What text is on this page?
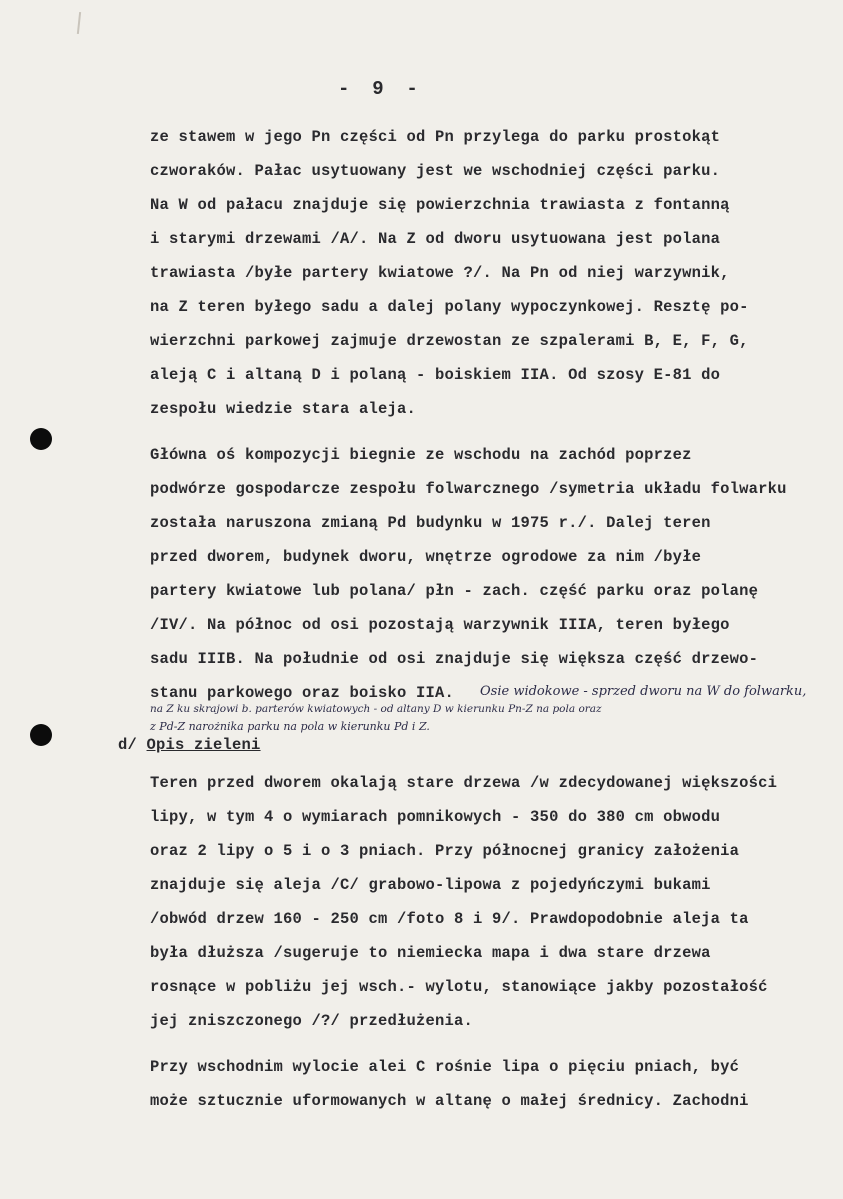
-  9  -
ze stawem w jego Pn części od Pn przylega do parku prostokąt
czworaków. Pałac usytuowany jest we wschodniej części parku.
Na W od pałacu znajduje się powierzchnia trawiasta z fontanną
i starymi drzewami /A/. Na Z od dworu usytuowana jest polana
trawiasta /byłe partery kwiatowe ?/. Na Pn od niej warzywnik,
na Z teren byłego sadu a dalej polany wypoczynkowej. Resztę po-
wierzchni parkowej zajmuje drzewostan ze szpalerami B, E, F, G,
aleją C i altaną D i polaną - boiskiem IIA. Od szosy E-81 do
zespołu wiedzie stara aleja.
Główna oś kompozycji biegnie ze wschodu na zachód poprzez
podwórze gospodarcze zespołu folwarcznego /symetria układu folwarku
została naruszona zmianą Pd budynku w 1975 r./. Dalej teren
przed dworem, budynek dworu, wnętrze ogrodowe za nim /byłe
partery kwiatowe lub polana/ płn - zach. część parku oraz polanę
/IV/. Na północ od osi pozostają warzywnik IIIA, teren byłego
sadu IIIB. Na południe od osi znajduje się większa część drzewo-
stanu parkowego oraz boisko IIA. Osie widokowe - sprzed dworu na W do folwarku,
na Z ku skrajowi b. parterów kwiatowych - od altany D w kierunku Pn-Z na pola oraz
z Pd-Z narożnika parku na pola w kierunku Pd i Z.
d/ Opis zieleni
Teren przed dworem okalają stare drzewa /w zdecydowanej większości
lipy, w tym 4 o wymiarach pomnikowych - 350 do 380 cm obwodu
oraz 2 lipy o 5 i o 3 pniach. Przy północnej granicy założenia
znajduje się aleja /C/ grabowo-lipowa z pojedyńczymi bukami
/obwód drzew 160 - 250 cm /foto 8 i 9/. Prawdopodobnie aleja ta
była dłuższa /sugeruje to niemiecka mapa i dwa stare drzewa
rosnące w pobliżu jej wsch.- wylotu, stanowiące jakby pozostałość
jej zniszczonego /?/ przedłużenia.
Przy wschodnim wylocie alei C rośnie lipa o pięciu pniach, być
może sztucznie uformowanych w altanę o małej średnicy. Zachodni
